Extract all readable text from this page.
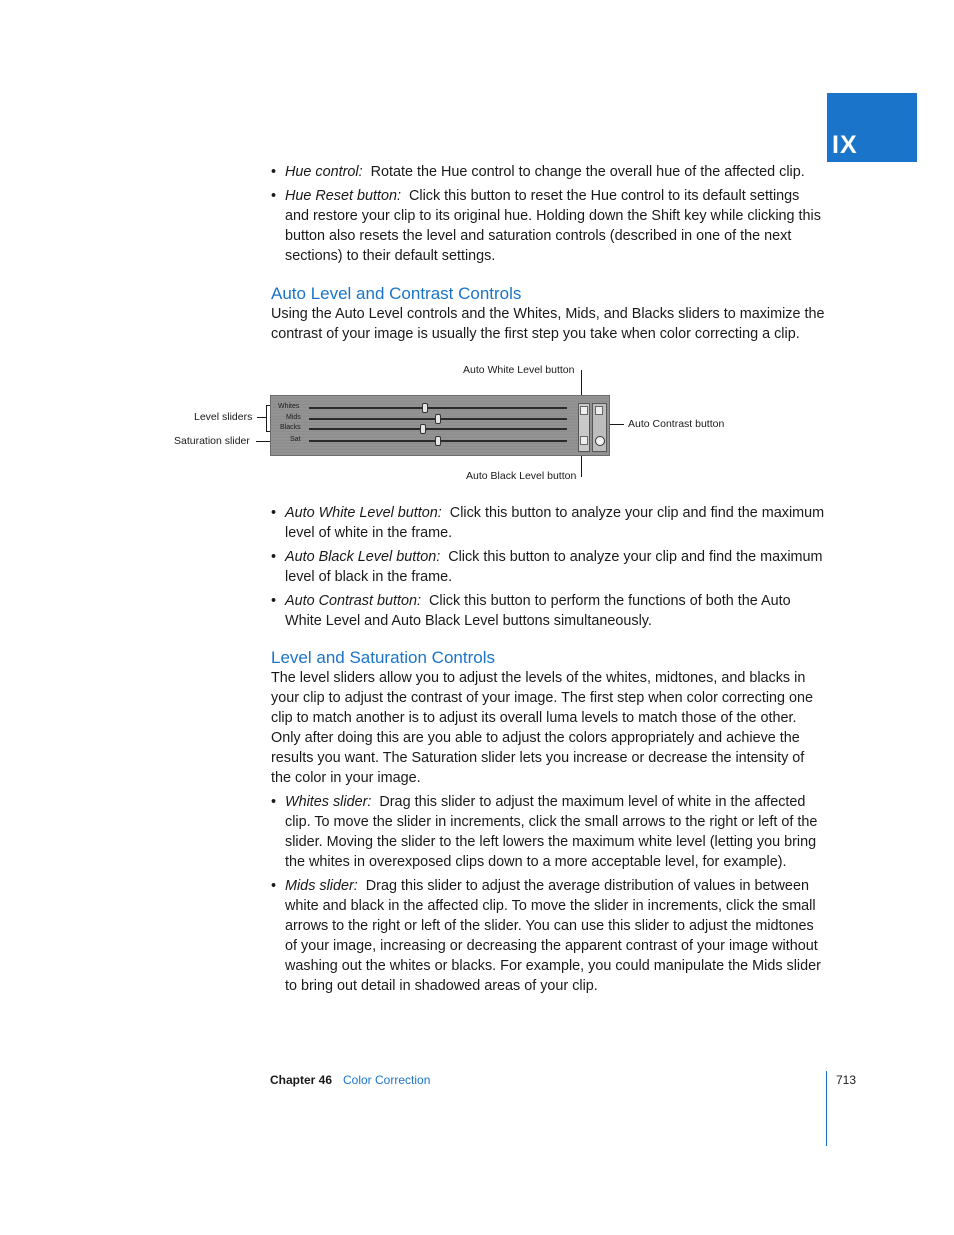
IX
• Hue control: Rotate the Hue control to change the overall hue of the affected clip.
• Hue Reset button: Click this button to reset the Hue control to its default settings and restore your clip to its original hue. Holding down the Shift key while clicking this button also resets the level and saturation controls (described in one of the next sections) to their default settings.
Auto Level and Contrast Controls

Using the Auto Level controls and the Whites, Mids, and Blacks sliders to maximize the contrast of your image is usually the first step you take when color correcting a clip.

Auto White Level button
Level sliders
Saturation slider
Auto Contrast button
Auto Black Level button
Whites
Mids
Blacks
Sat
• Auto White Level button: Click this button to analyze your clip and find the maximum level of white in the frame.
• Auto Black Level button: Click this button to analyze your clip and find the maximum level of black in the frame.
• Auto Contrast button: Click this button to perform the functions of both the Auto White Level and Auto Black Level buttons simultaneously.
Level and Saturation Controls

The level sliders allow you to adjust the levels of the whites, midtones, and blacks in your clip to adjust the contrast of your image. The first step when color correcting one clip to match another is to adjust its overall luma levels to match those of the other. Only after doing this are you able to adjust the colors appropriately and achieve the results you want. The Saturation slider lets you increase or decrease the intensity of the color in your image.

• Whites slider: Drag this slider to adjust the maximum level of white in the affected clip. To move the slider in increments, click the small arrows to the right or left of the slider. Moving the slider to the left lowers the maximum white level (letting you bring the whites in overexposed clips down to a more acceptable level, for example).
• Mids slider: Drag this slider to adjust the average distribution of values in between white and black in the affected clip. To move the slider in increments, click the small arrows to the right or left of the slider. You can use this slider to adjust the midtones of your image, increasing or decreasing the apparent contrast of your image without washing out the whites or blacks. For example, you could manipulate the Mids slider to bring out detail in shadowed areas of your clip.
Chapter 46 Color Correction	713
